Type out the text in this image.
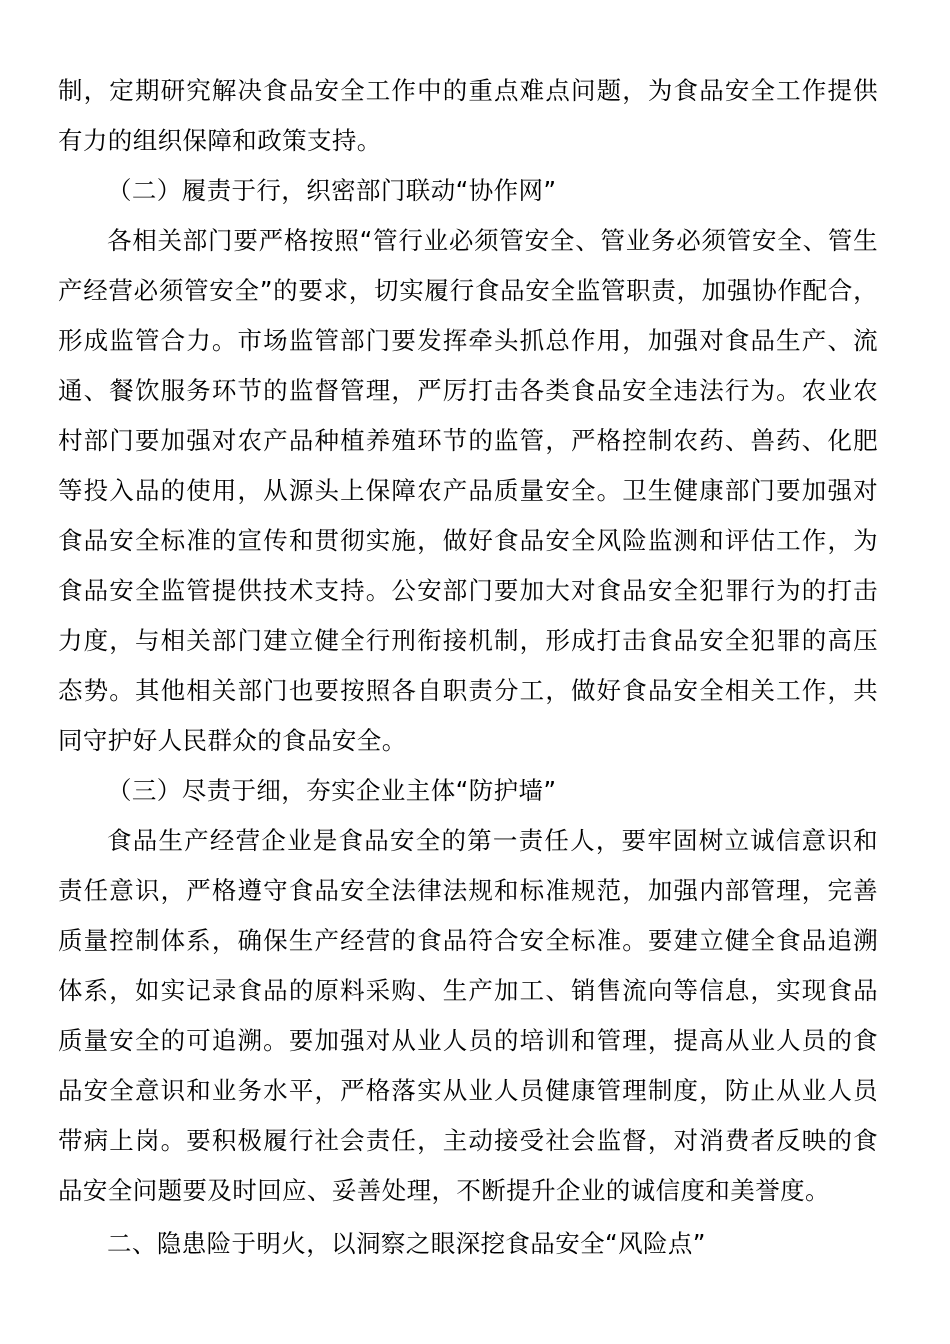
制，定期研究解决食品安全工作中的重点难点问题，为食品安全工作提供有力的组织保障和政策支持。

（二）履责于行，织密部门联动“协作网”

各相关部门要严格按照“管行业必须管安全、管业务必须管安全、管生产经营必须管安全”的要求，切实履行食品安全监管职责，加强协作配合，形成监管合力。市场监管部门要发挥牵头抓总作用，加强对食品生产、流通、餐饮服务环节的监督管理，严厉打击各类食品安全违法行为。农业农村部门要加强对农产品种植养殖环节的监管，严格控制农药、兽药、化肥等投入品的使用，从源头上保障农产品质量安全。卫生健康部门要加强对食品安全标准的宣传和贯彻实施，做好食品安全风险监测和评估工作，为食品安全监管提供技术支持。公安部门要加大对食品安全犯罪行为的打击力度，与相关部门建立健全行刑衔接机制，形成打击食品安全犯罪的高压态势。其他相关部门也要按照各自职责分工，做好食品安全相关工作，共同守护好人民群众的食品安全。

（三）尽责于细，夯实企业主体“防护墙”

食品生产经营企业是食品安全的第一责任人，要牢固树立诚信意识和责任意识，严格遵守食品安全法律法规和标准规范，加强内部管理，完善质量控制体系，确保生产经营的食品符合安全标准。要建立健全食品追溯体系，如实记录食品的原料采购、生产加工、销售流向等信息，实现食品质量安全的可追溯。要加强对从业人员的培训和管理，提高从业人员的食品安全意识和业务水平，严格落实从业人员健康管理制度，防止从业人员带病上岗。要积极履行社会责任，主动接受社会监督，对消费者反映的食品安全问题要及时回应、妥善处理，不断提升企业的诚信度和美誉度。

二、隐患险于明火，以洞察之眼深挖食品安全“风险点”
